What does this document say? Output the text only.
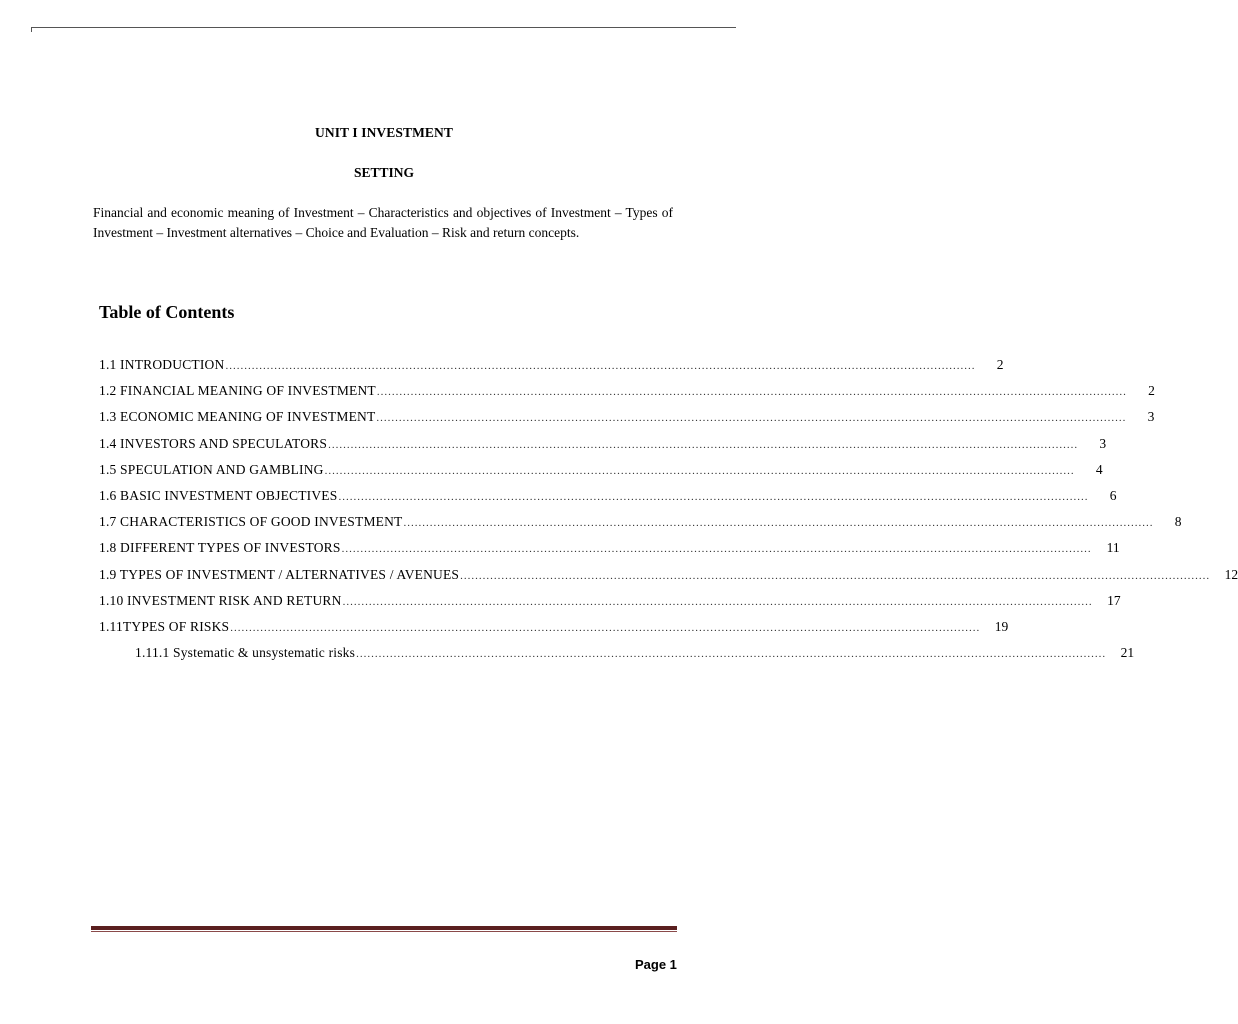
UNIT I INVESTMENT
SETTING
Financial and economic meaning of Investment – Characteristics and objectives of Investment – Types of Investment – Investment alternatives – Choice and Evaluation – Risk and return concepts.
Table of Contents
1.1 INTRODUCTION ........................................................................................................................................................................................................	2
1.2 FINANCIAL MEANING OF INVESTMENT ........................................................................................................................................................................................................	2
1.3 ECONOMIC MEANING OF INVESTMENT ........................................................................................................................................................................................................	3
1.4 INVESTORS AND SPECULATORS ........................................................................................................................................................................................................	3
1.5 SPECULATION AND GAMBLING ........................................................................................................................................................................................................	4
1.6 BASIC INVESTMENT OBJECTIVES ........................................................................................................................................................................................................	6
1.7 CHARACTERISTICS OF GOOD INVESTMENT ........................................................................................................................................................................................................	8
1.8 DIFFERENT TYPES OF INVESTORS ........................................................................................................................................................................................................	11
1.9 TYPES OF INVESTMENT / ALTERNATIVES / AVENUES ........................................................................................................................................................................................................	12
1.10 INVESTMENT RISK AND RETURN ........................................................................................................................................................................................................	17
1.11TYPES OF RISKS ........................................................................................................................................................................................................	19
1.11.1 Systematic & unsystematic risks ........................................................................................................................................................................................................	21
Page 1
